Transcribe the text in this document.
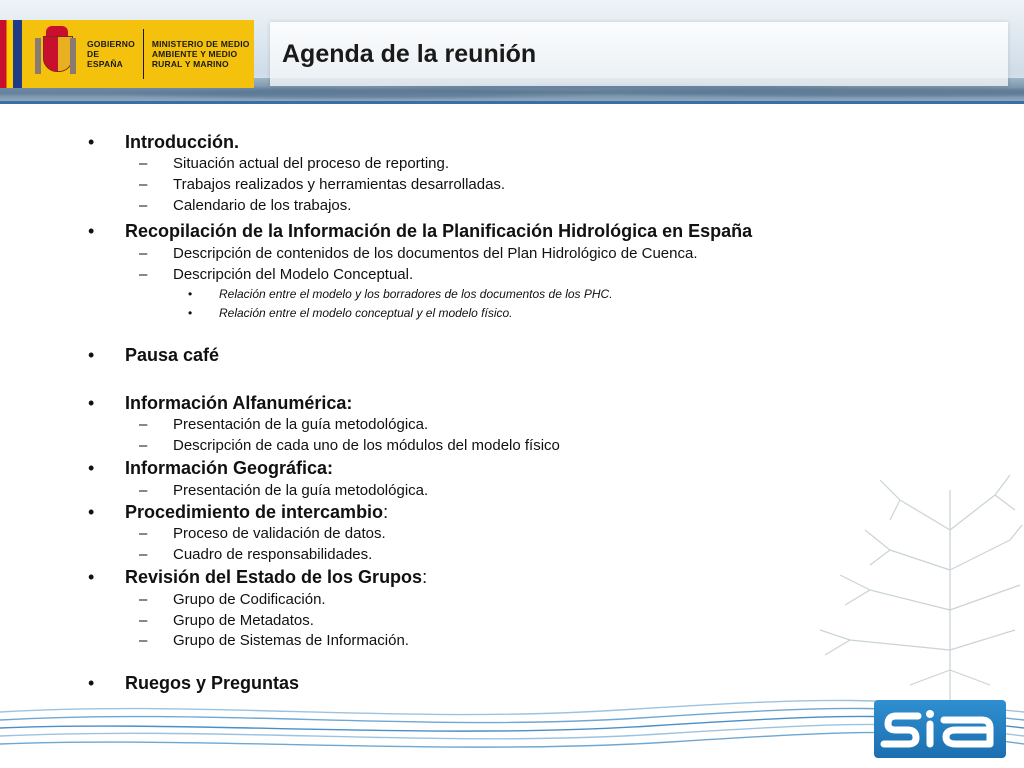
GOBIERNO DE ESPAÑA
MINISTERIO DE MEDIO AMBIENTE Y MEDIO RURAL Y MARINO	Agenda de la reunión
• Introducción.
– Situación actual del proceso de reporting.
– Trabajos realizados y herramientas desarrolladas.
– Calendario de los trabajos.
• Recopilación de la Información de la Planificación Hidrológica en España
– Descripción de contenidos de los documentos del Plan Hidrológico de Cuenca.
– Descripción del Modelo Conceptual.
• Relación entre el modelo y los borradores de los documentos de los PHC.
• Relación entre el modelo conceptual y el modelo físico.
• Pausa café
• Información Alfanumérica:
– Presentación de la guía metodológica.
– Descripción de cada uno de los módulos del modelo físico
• Información Geográfica:
– Presentación de la guía metodológica.
• Procedimiento de intercambio:
– Proceso de validación de datos.
– Cuadro de responsabilidades.
• Revisión del Estado de los Grupos:
– Grupo de Codificación.
– Grupo de Metadatos.
– Grupo de Sistemas de Información.
• Ruegos y Preguntas
